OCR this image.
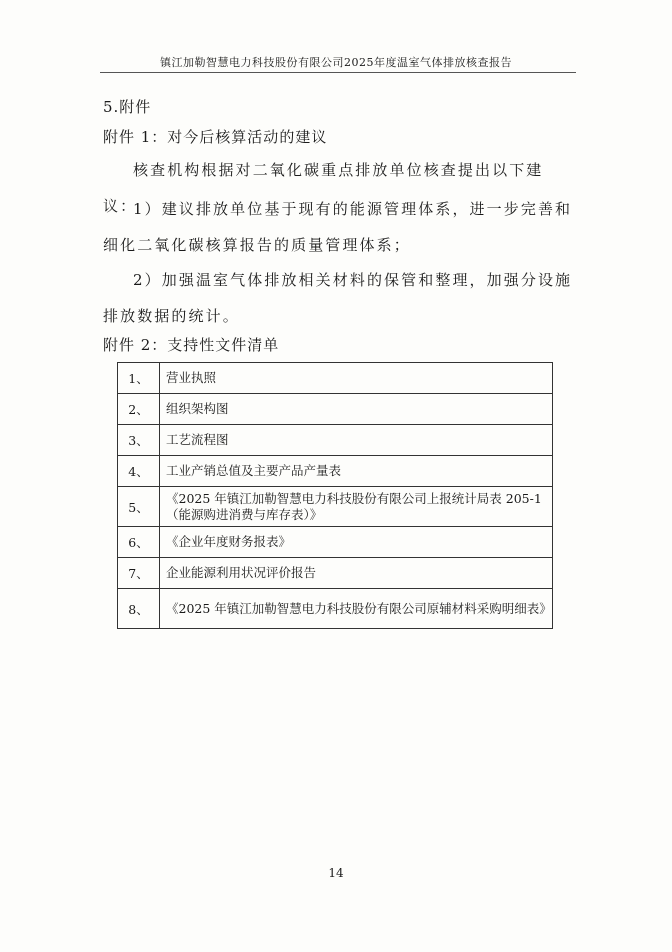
镇江加勒智慧电力科技股份有限公司2025年度温室气体排放核查报告
5.附件
附件 1：对今后核算活动的建议
核查机构根据对二氧化碳重点排放单位核查提出以下建议：
1）建议排放单位基于现有的能源管理体系，进一步完善和细化二氧化碳核算报告的质量管理体系；
2）加强温室气体排放相关材料的保管和整理，加强分设施排放数据的统计。
附件 2：支持性文件清单
1、	营业执照
2、	组织架构图
3、	工艺流程图
4、	工业产销总值及主要产品产量表
5、	《2025 年镇江加勒智慧电力科技股份有限公司上报统计局表 205-1（能源购进消费与库存表）》
6、	《企业年度财务报表》
7、	企业能源利用状况评价报告
8、	《2025 年镇江加勒智慧电力科技股份有限公司原辅材料采购明细表》
14
